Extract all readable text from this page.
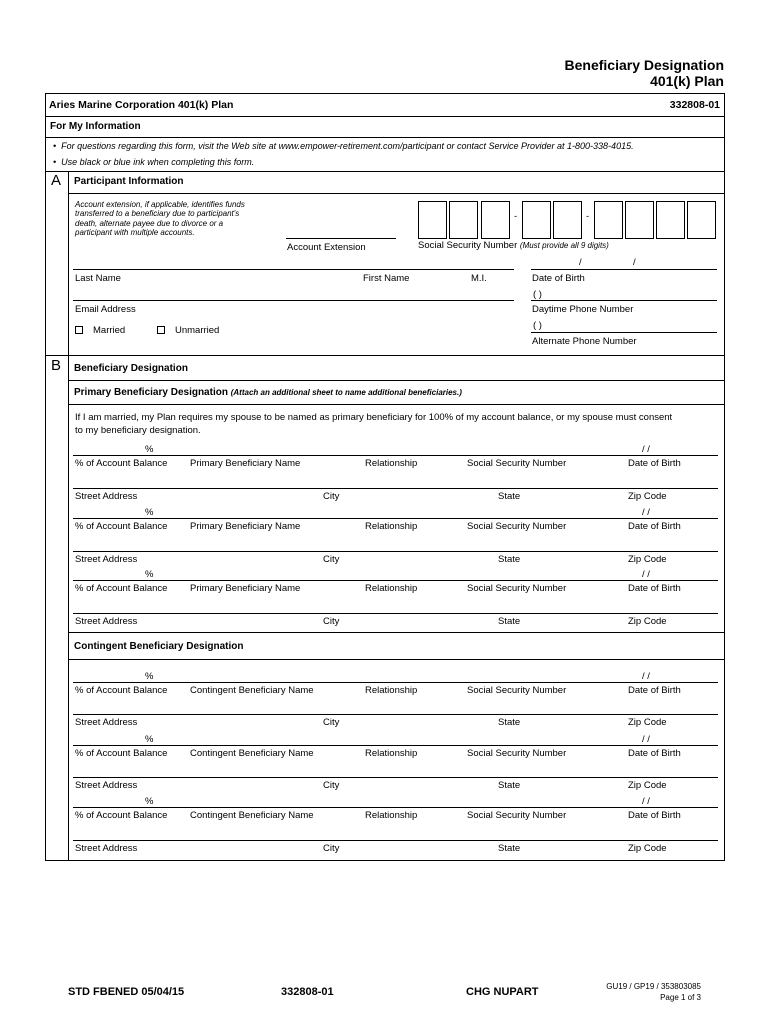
Beneficiary Designation
401(k) Plan
Aries Marine Corporation 401(k) Plan	332808-01
For My Information
•  For questions regarding this form, visit the Web site at www.empower-retirement.com/participant or contact Service Provider at 1-800-338-4015.
•  Use black or blue ink when completing this form.
A Participant Information
Account extension, if applicable, identifies funds
transferred to a beneficiary due to participant's
death, alternate payee due to divorce or a
participant with multiple accounts.
Account Extension
-	-
Social Security Number (Must provide all 9 digits)
/	/
Last Name	First Name	M.I.	Date of Birth
( )
Email Address	Daytime Phone Number
( )
Married	Unmarried
Alternate Phone Number
B Beneficiary Designation
Primary Beneficiary Designation (Attach an additional sheet to name additional beneficiaries.)
If I am married, my Plan requires my spouse to be named as primary beneficiary for 100% of my account balance, or my spouse must consent
to my beneficiary designation.
%	/ /
% of Account Balance Primary Beneficiary Name	Relationship	Social Security Number	Date of Birth
Street Address	City	State	Zip Code
%	/ /
% of Account Balance Primary Beneficiary Name	Relationship	Social Security Number	Date of Birth
Street Address	City	State	Zip Code
%	/ /
% of Account Balance Primary Beneficiary Name	Relationship	Social Security Number	Date of Birth
Street Address	City	State	Zip Code
Contingent Beneficiary Designation
%	/ /
% of Account Balance Contingent Beneficiary Name	Relationship	Social Security Number	Date of Birth
Street Address	City	State	Zip Code
%	/ /
% of Account Balance Contingent Beneficiary Name	Relationship	Social Security Number	Date of Birth
Street Address	City	State	Zip Code
%	/ /
% of Account Balance Contingent Beneficiary Name	Relationship	Social Security Number	Date of Birth
Street Address	City	State	Zip Code
STD FBENED 05/04/15	332808-01	CHG NUPART	GU19 / GP19 / 353803085
Page 1 of 3
